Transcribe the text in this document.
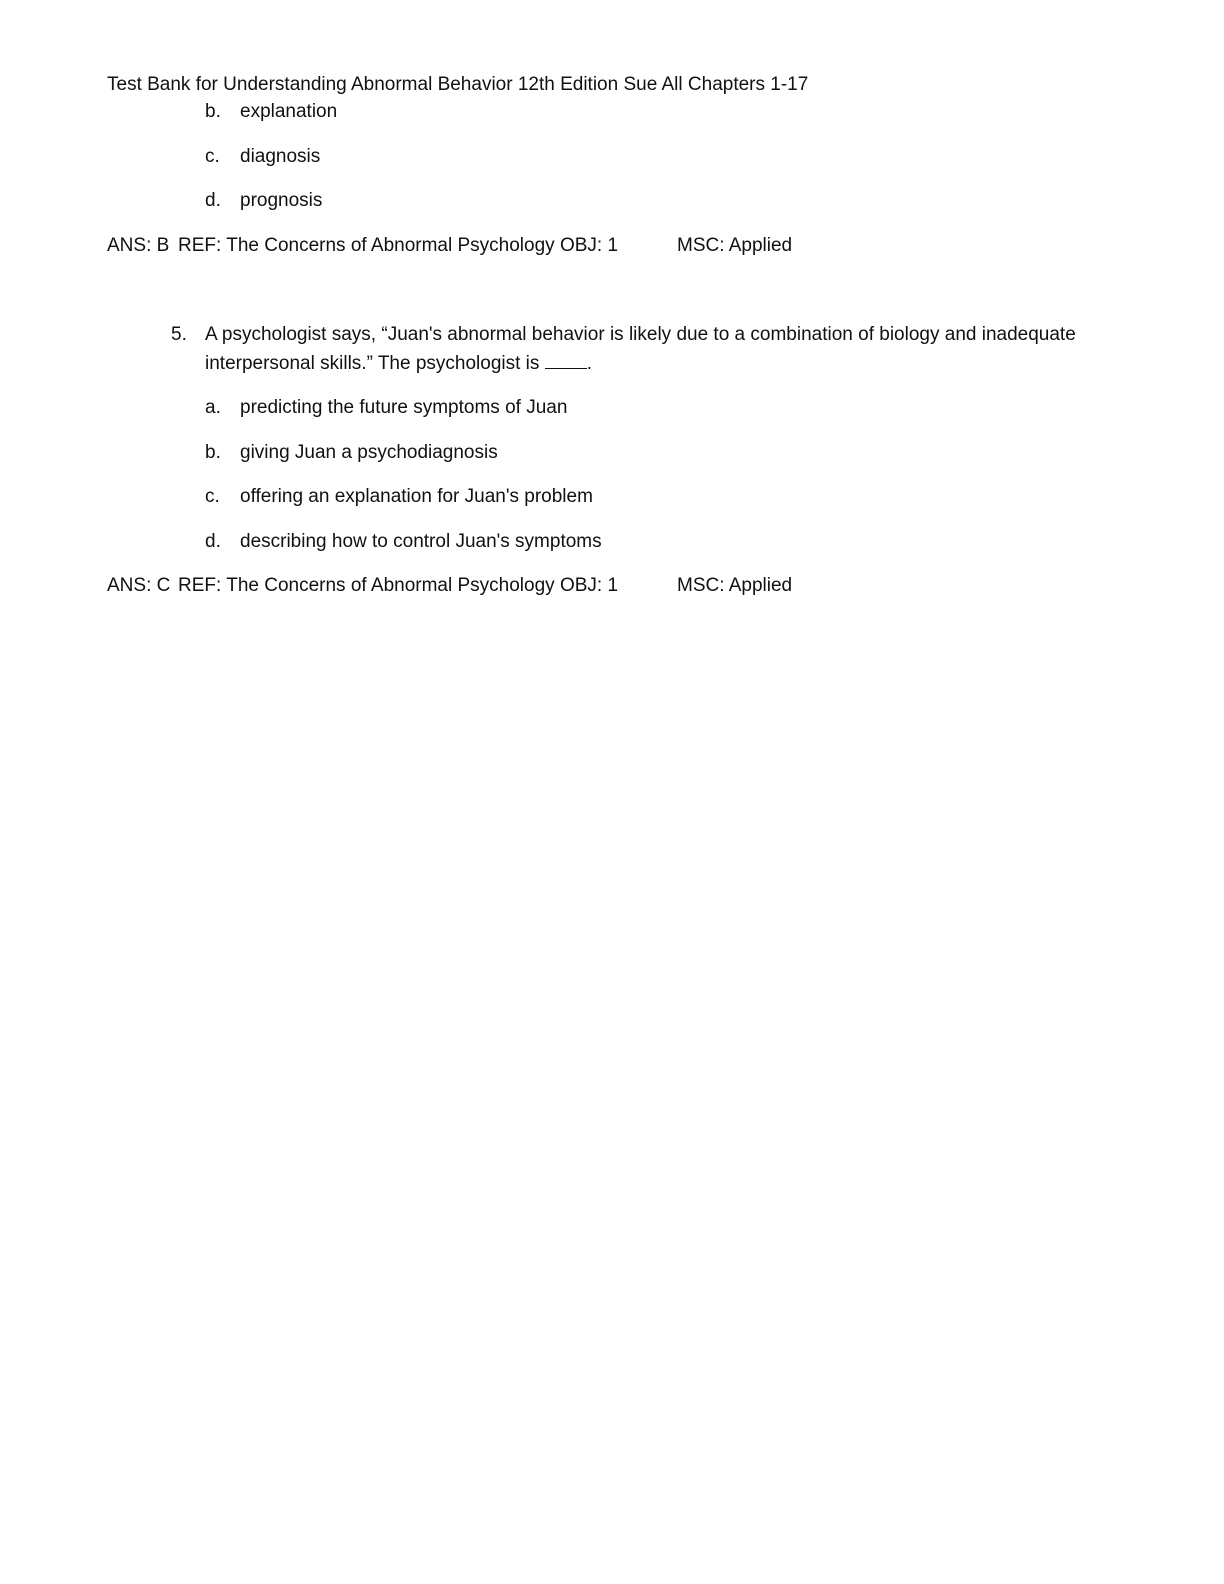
Test Bank for Understanding Abnormal Behavior 12th Edition Sue All Chapters 1-17
b.	explanation
c.	diagnosis
d.	prognosis
ANS: B REF: The Concerns of Abnormal Psychology OBJ: 1	MSC: Applied
5. A psychologist says, “Juan's abnormal behavior is likely due to a combination of biology and inadequate
interpersonal skills.” The psychologist is .
a.	predicting the future symptoms of Juan
b.	giving Juan a psychodiagnosis
c.	offering an explanation for Juan's problem
d.	describing how to control Juan's symptoms
ANS: C REF: The Concerns of Abnormal Psychology OBJ: 1	MSC: Applied
